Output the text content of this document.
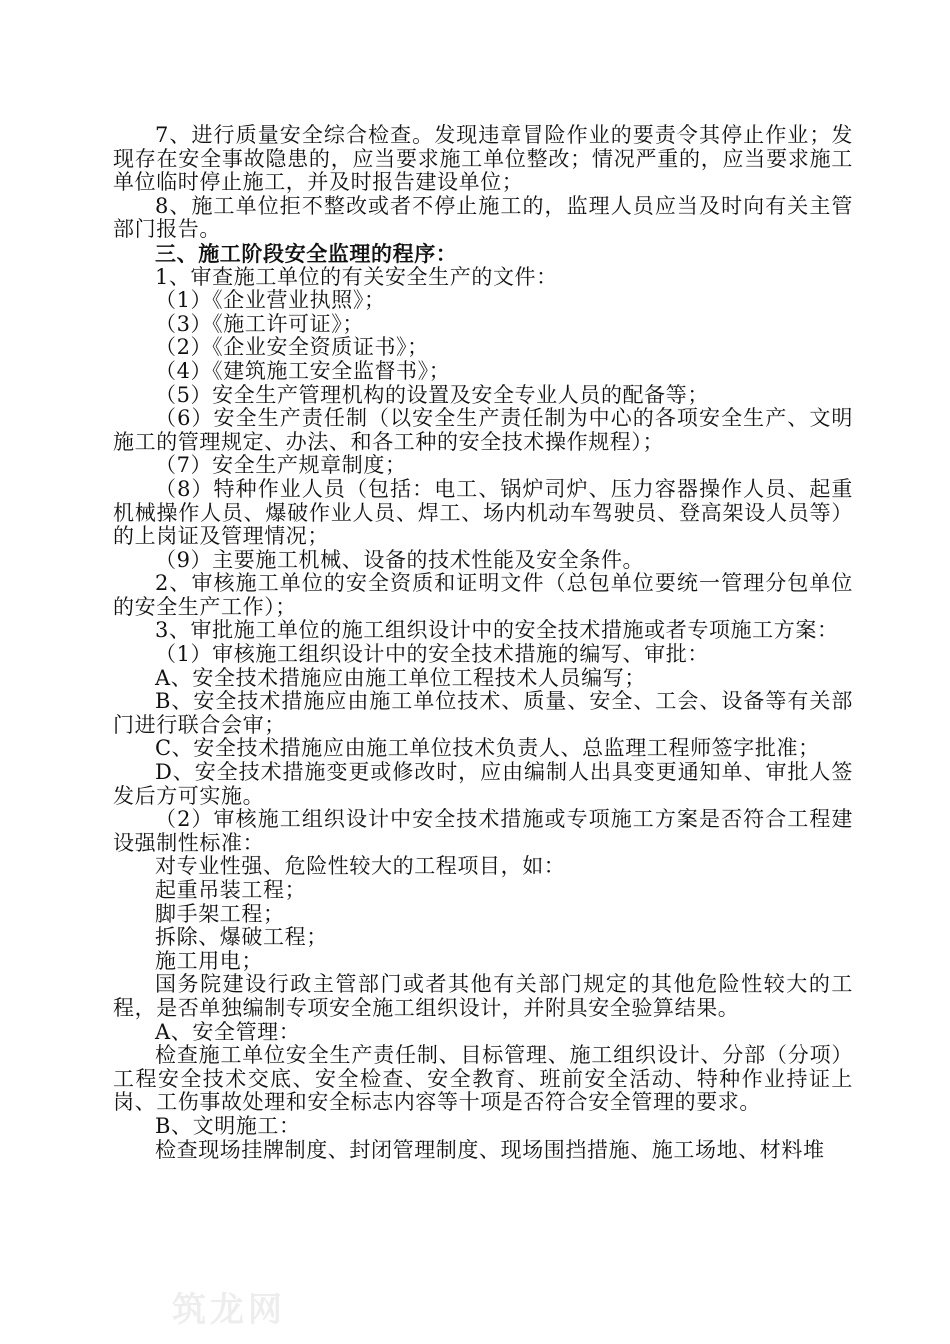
7、进行质量安全综合检查。发现违章冒险作业的要责令其停止作业；发现存在安全事故隐患的，应当要求施工单位整改；情况严重的，应当要求施工单位临时停止施工，并及时报告建设单位；

8、施工单位拒不整改或者不停止施工的，监理人员应当及时向有关主管部门报告。

三、施工阶段安全监理的程序：

1、审查施工单位的有关安全生产的文件：

（1）《企业营业执照》；

（3）《施工许可证》；

（2）《企业安全资质证书》；

（4）《建筑施工安全监督书》；

（5）安全生产管理机构的设置及安全专业人员的配备等；

（6）安全生产责任制（以安全生产责任制为中心的各项安全生产、文明施工的管理规定、办法、和各工种的安全技术操作规程）；

（7）安全生产规章制度；

（8）特种作业人员（包括：电工、锅炉司炉、压力容器操作人员、起重机械操作人员、爆破作业人员、焊工、场内机动车驾驶员、登高架设人员等）的上岗证及管理情况；

（9）主要施工机械、设备的技术性能及安全条件。

2、审核施工单位的安全资质和证明文件（总包单位要统一管理分包单位的安全生产工作）；

3、审批施工单位的施工组织设计中的安全技术措施或者专项施工方案：

（1）审核施工组织设计中的安全技术措施的编写、审批：

A、安全技术措施应由施工单位工程技术人员编写；

B、安全技术措施应由施工单位技术、质量、安全、工会、设备等有关部门进行联合会审；

C、安全技术措施应由施工单位技术负责人、总监理工程师签字批准；

D、安全技术措施变更或修改时，应由编制人出具变更通知单、审批人签发后方可实施。

（2）审核施工组织设计中安全技术措施或专项施工方案是否符合工程建设强制性标准：

对专业性强、危险性较大的工程项目，如：

起重吊装工程；

脚手架工程；

拆除、爆破工程；

施工用电；

国务院建设行政主管部门或者其他有关部门规定的其他危险性较大的工程，是否单独编制专项安全施工组织设计，并附具安全验算结果。

A、安全管理：

检查施工单位安全生产责任制、目标管理、施工组织设计、分部（分项）工程安全技术交底、安全检查、安全教育、班前安全活动、特种作业持证上岗、工伤事故处理和安全标志内容等十项是否符合安全管理的要求。

B、文明施工：

检查现场挂牌制度、封闭管理制度、现场围挡措施、施工场地、材料堆

筑龙网
